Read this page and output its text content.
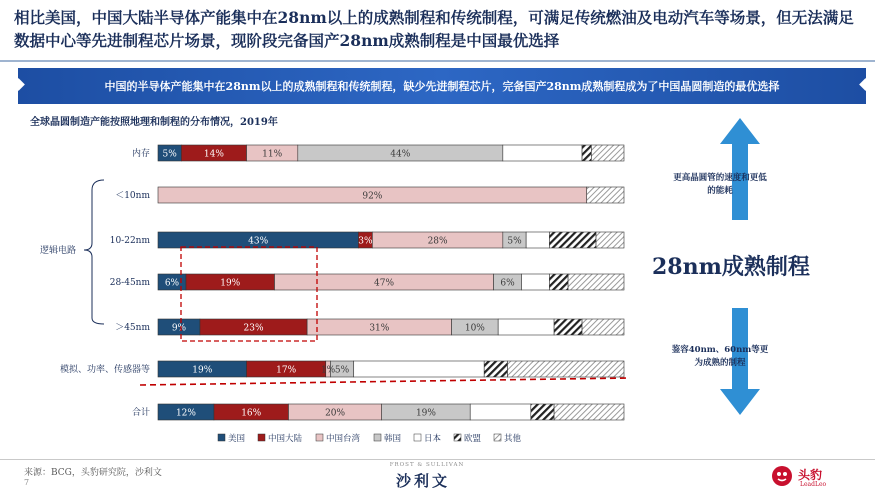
相比美国，中国大陆半导体产能集中在28nm以上的成熟制程和传统制程，可满足传统燃油及电动汽车等场景，但无法满足数据中心等先进制程芯片场景，现阶段完备国产28nm成熟制程是中国最优选择
中国的半导体产能集中在28nm以上的成熟制程和传统制程，缺少先进制程芯片，完备国产28nm成熟制程成为了中国晶圆制造的最优选择
全球晶圆制造产能按照地理和制程的分布情况，2019年
内存 5%	14%	11%	44%
＜10nm	92%
10-22nm	43%	3%	28%	5%
28-45nm 6%	19%	47%	6%
＞45nm 9%	23%	31%	10%
模拟、功率、传感器等	19%	17%	1% 5%
合计	12%	16%	20%	19%
逻辑电路
美国	中国大陆	中国台湾	韩国	日本	欧盟	其他
更高晶圆管的速度和更低的能耗
28nm成熟制程
鉴容40nm、60nm等更为成熟的制程
来源：BCG，头豹研究院，沙利文
7
FROST & SULLIVAN
沙利文	头豹
LeadLeo
